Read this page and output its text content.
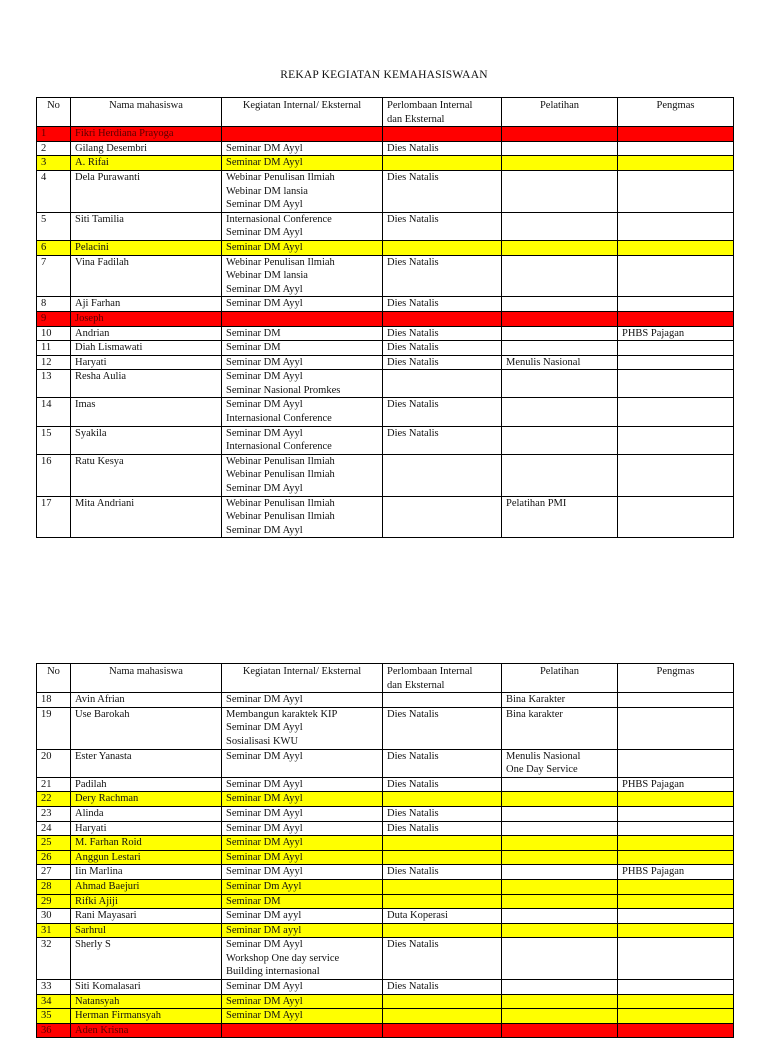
REKAP KEGIATAN KEMAHASISWAAN
No	Nama mahasiswa	Kegiatan Internal/ Eksternal	Perlombaan Internal
dan Eksternal	Pelatihan	Pengmas
1	Fikri Herdiana Prayoga	

2	Gilang Desembri	Seminar DM Ayyl	Dies Natalis	

3	A. Rifai	Seminar DM Ayyl			

4	Dela Purawanti	Webinar Penulisan Ilmiah
Webinar DM lansia
Seminar DM Ayyl	Dies Natalis	

5	Siti Tamilia	Internasional Conference
Seminar DM Ayyl	Dies Natalis	

6	Pelacini	Seminar DM Ayyl			

7	Vina Fadilah	Webinar Penulisan Ilmiah
Webinar DM lansia
Seminar DM Ayyl	Dies Natalis	

8	Aji Farhan	Seminar DM Ayyl	Dies Natalis	

9	Joseph	

10	Andrian	Seminar DM	Dies Natalis		PHBS Pajagan
11	Diah Lismawati	Seminar DM	Dies Natalis	

12	Haryati	Seminar DM Ayyl	Dies Natalis	Menulis Nasional	

13	Resha Aulia	Seminar DM Ayyl
Seminar Nasional Promkes			

14	Imas	Seminar DM Ayyl
Internasional Conference	Dies Natalis	

15	Syakila	Seminar DM Ayyl
Internasional Conference	Dies Natalis	

16	Ratu Kesya	Webinar Penulisan Ilmiah
Webinar Penulisan Ilmiah
Seminar DM Ayyl			

17	Mita Andriani	Webinar Penulisan Ilmiah
Webinar Penulisan Ilmiah
Seminar DM Ayyl		Pelatihan PMI	

No	Nama mahasiswa	Kegiatan Internal/ Eksternal	Perlombaan Internal
dan Eksternal	Pelatihan	Pengmas
18	Avin Afrian	Seminar DM Ayyl		Bina Karakter	

19	Use Barokah	Membangun karaktek KIP
Seminar DM Ayyl
Sosialisasi KWU	Dies Natalis	Bina karakter	

20	Ester Yanasta	Seminar DM Ayyl	Dies Natalis	Menulis Nasional
One Day Service	

21	Padilah	Seminar DM Ayyl	Dies Natalis		PHBS Pajagan
22	Dery Rachman	Seminar DM Ayyl			

23	Alinda	Seminar DM Ayyl	Dies Natalis	

24	Haryati	Seminar DM Ayyl	Dies Natalis	

25	M. Farhan Roid	Seminar DM Ayyl			

26	Anggun Lestari	Seminar DM Ayyl			

27	Iin Marlina	Seminar DM Ayyl	Dies Natalis		PHBS Pajagan
28	Ahmad Baejuri	Seminar Dm Ayyl			

29	Rifki Ajiji	Seminar DM			

30	Rani Mayasari	Seminar DM ayyl	Duta Koperasi	

31	Sarhrul	Seminar DM ayyl			

32	Sherly S	Seminar DM Ayyl
Workshop One day service
Building internasional	Dies Natalis	

33	Siti Komalasari	Seminar DM Ayyl	Dies Natalis	

34	Natansyah	Seminar DM Ayyl			

35	Herman Firmansyah	Seminar DM Ayyl			

36	Aden Krisna	
